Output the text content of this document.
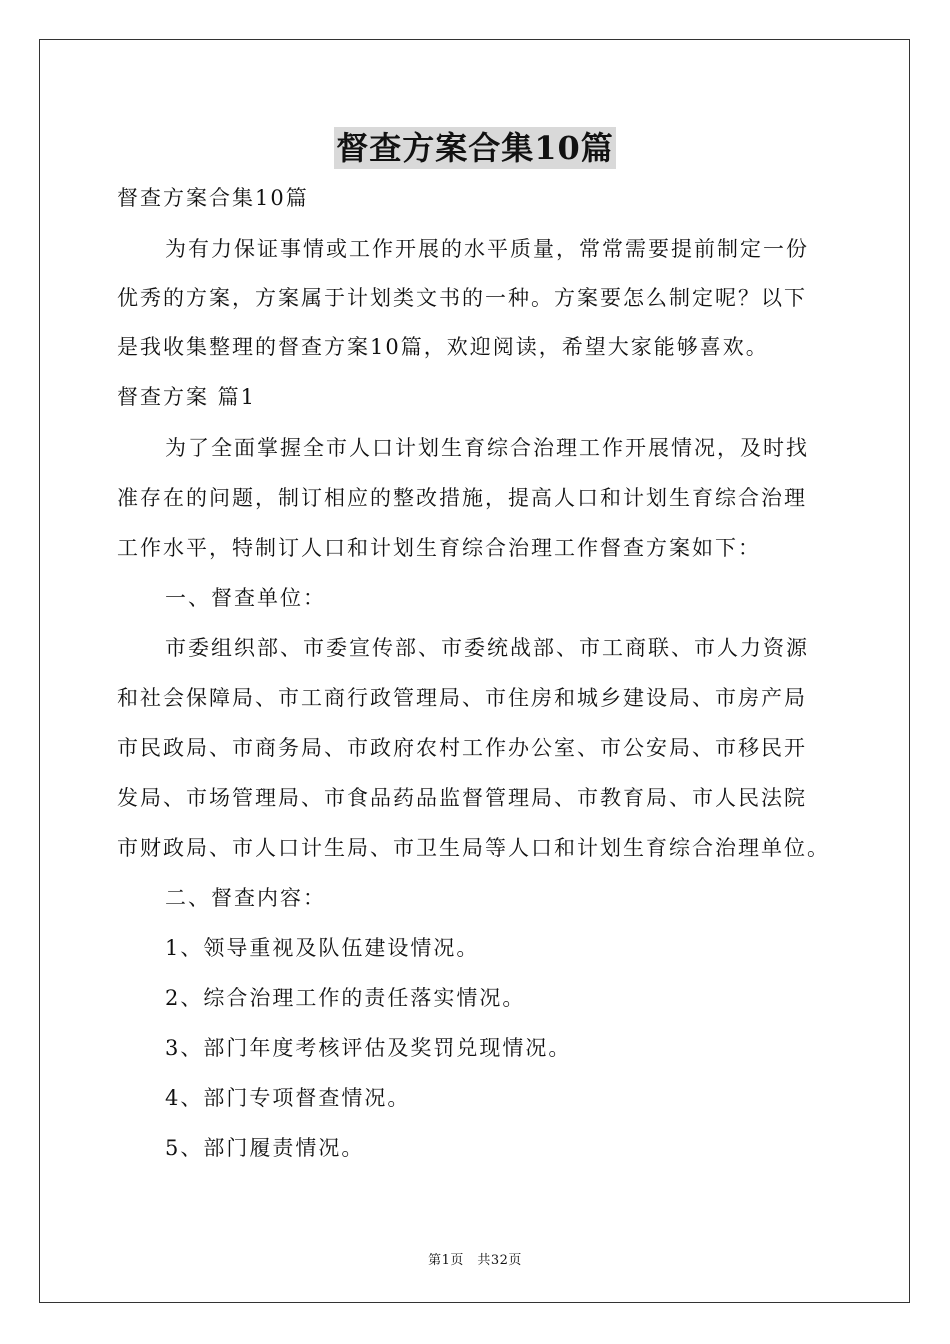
督查方案合集10篇
督查方案合集10篇
为有力保证事情或工作开展的水平质量，常常需要提前制定一份
优秀的方案，方案属于计划类文书的一种。方案要怎么制定呢？以下
是我收集整理的督查方案10篇，欢迎阅读，希望大家能够喜欢。
督查方案 篇1
为了全面掌握全市人口计划生育综合治理工作开展情况，及时找
准存在的问题，制订相应的整改措施，提高人口和计划生育综合治理
工作水平，特制订人口和计划生育综合治理工作督查方案如下：
一、督查单位：
市委组织部、市委宣传部、市委统战部、市工商联、市人力资源
和社会保障局、市工商行政管理局、市住房和城乡建设局、市房产局
市民政局、市商务局、市政府农村工作办公室、市公安局、市移民开
发局、市场管理局、市食品药品监督管理局、市教育局、市人民法院
市财政局、市人口计生局、市卫生局等人口和计划生育综合治理单位。
二、督查内容：
1、领导重视及队伍建设情况。
2、综合治理工作的责任落实情况。
3、部门年度考核评估及奖罚兑现情况。
4、部门专项督查情况。
5、部门履责情况。
第1页　共32页
